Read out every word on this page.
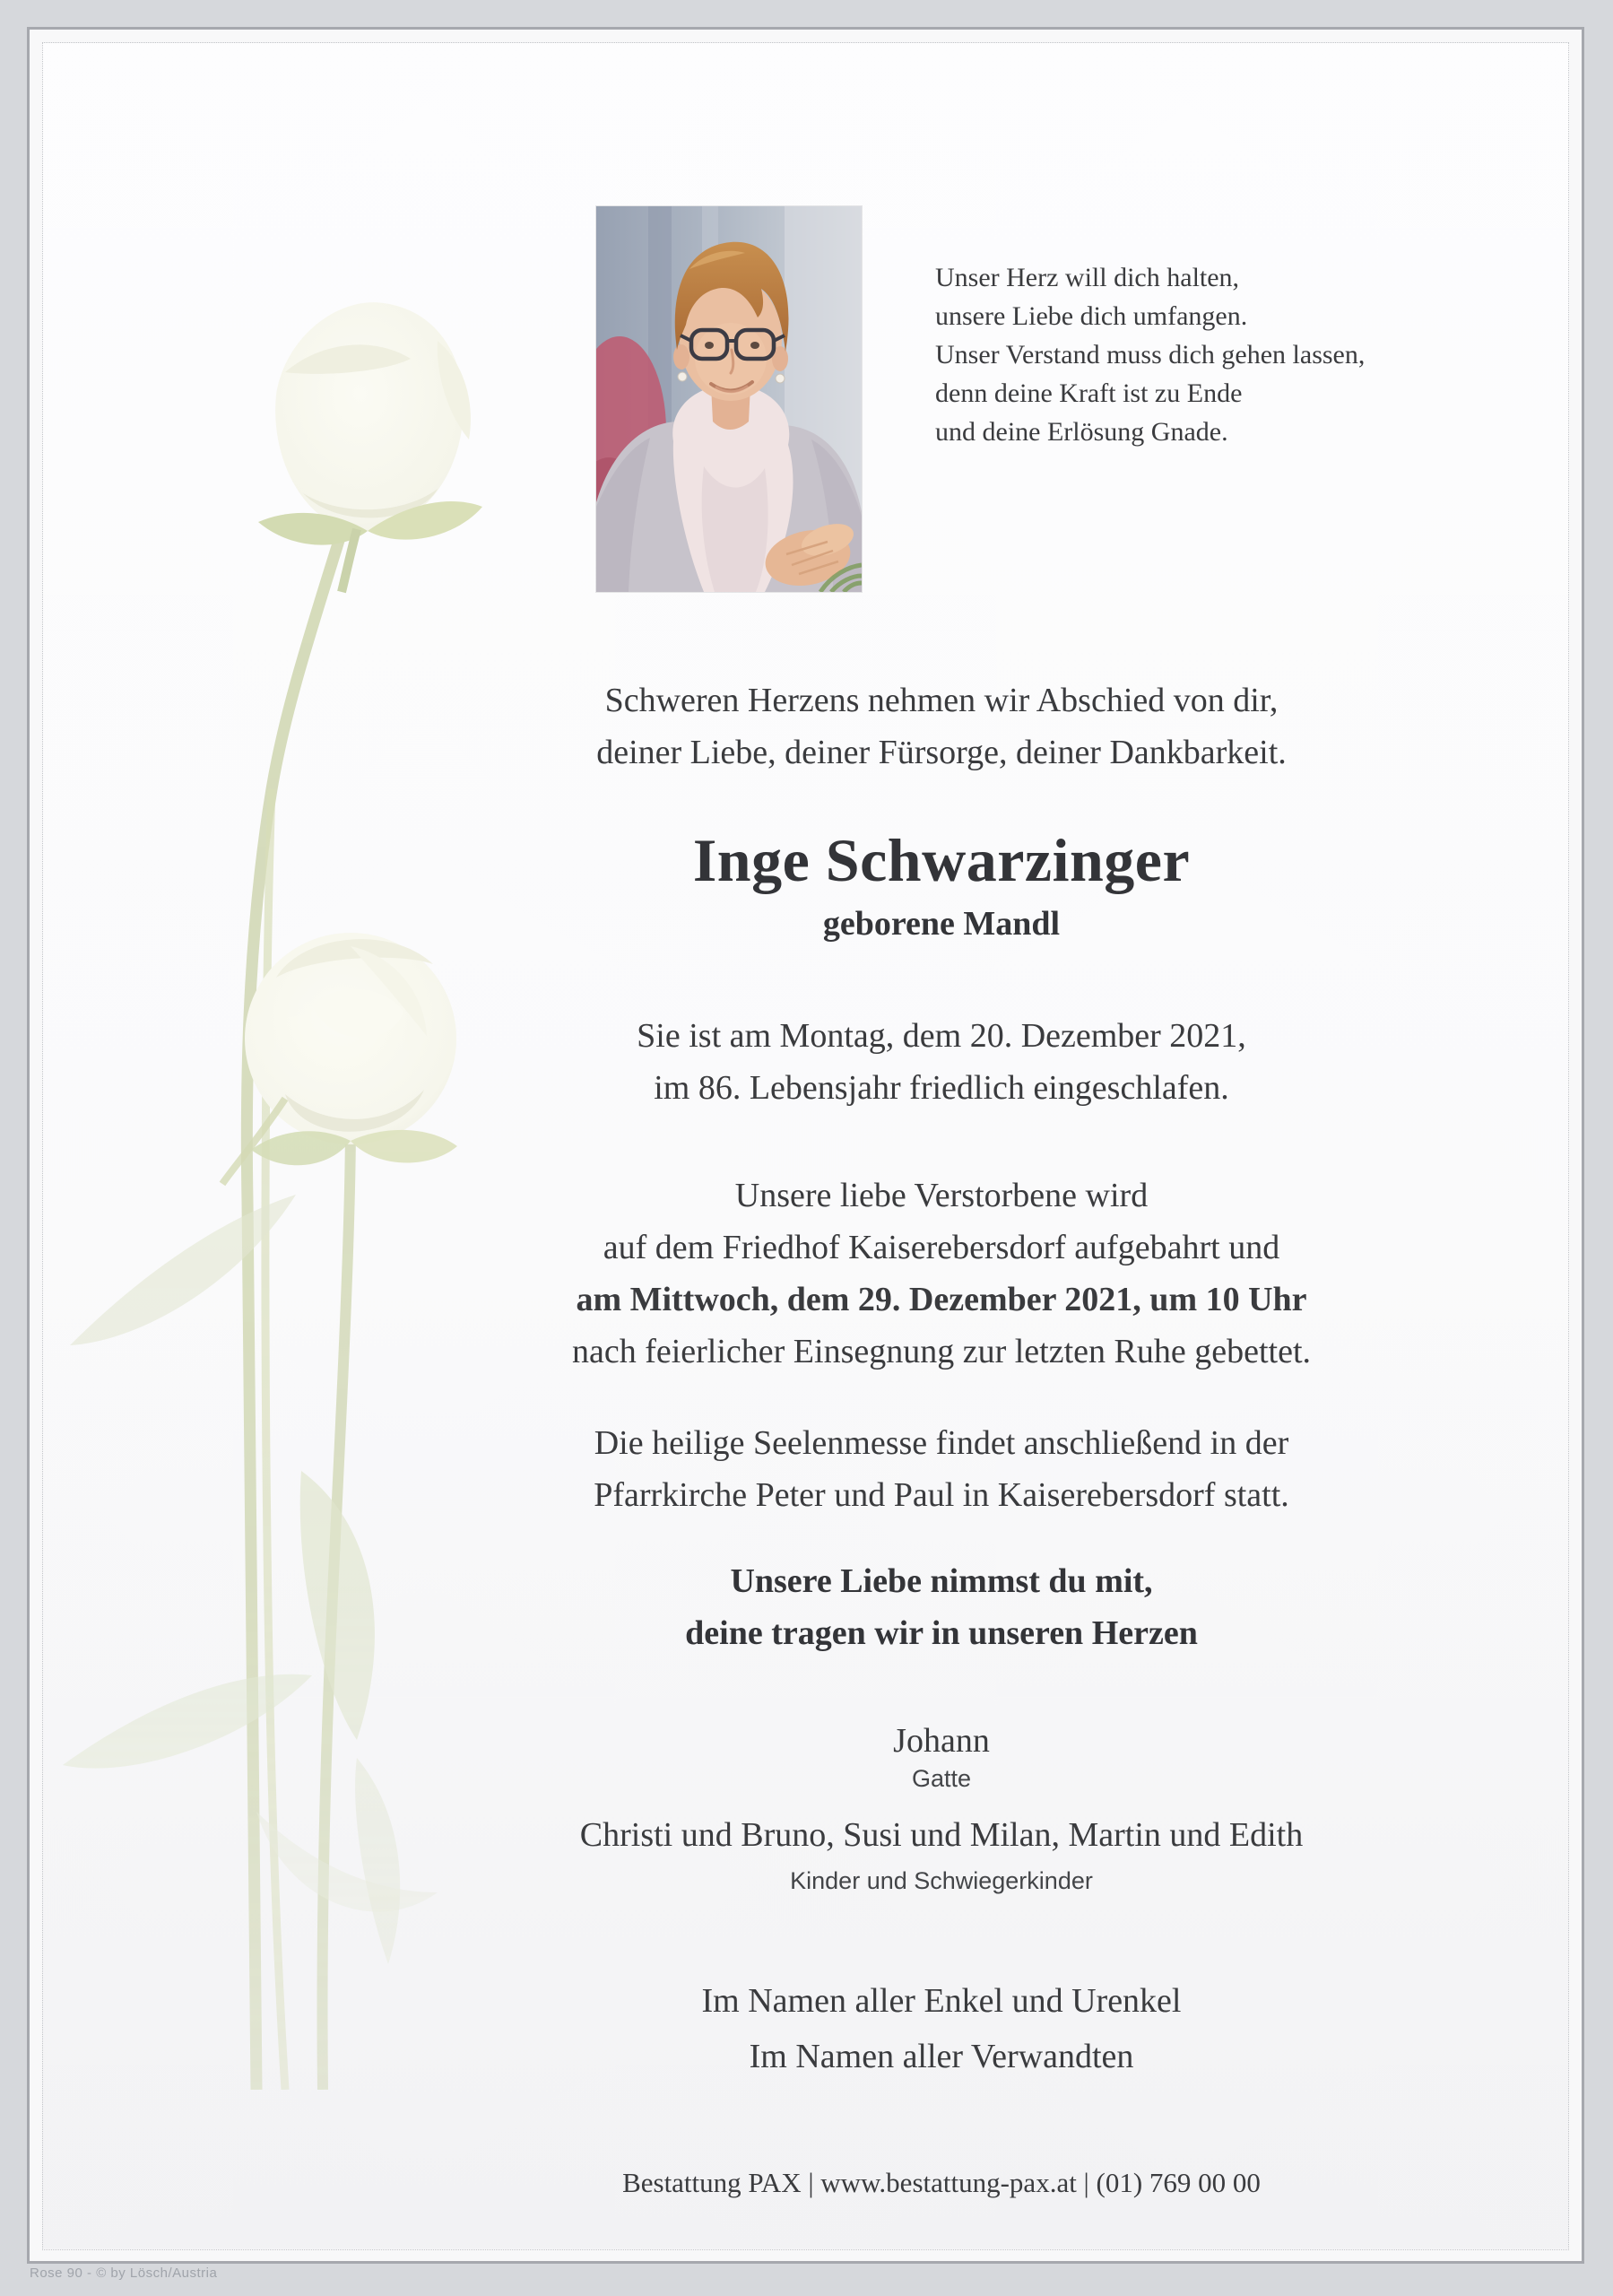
Unser Herz will dich halten,
unsere Liebe dich umfangen.
Unser Verstand muss dich gehen lassen,
denn deine Kraft ist zu Ende
und deine Erlösung Gnade.
Schweren Herzens nehmen wir Abschied von dir,
deiner Liebe, deiner Fürsorge, deiner Dankbarkeit.
Inge Schwarzinger
geborene Mandl
Sie ist am Montag, dem 20. Dezember 2021,
im 86. Lebensjahr friedlich eingeschlafen.
Unsere liebe Verstorbene wird
auf dem Friedhof Kaiserebersdorf aufgebahrt und
am Mittwoch, dem 29. Dezember 2021, um 10 Uhr
nach feierlicher Einsegnung zur letzten Ruhe gebettet.
Die heilige Seelenmesse findet anschließend in der
Pfarrkirche Peter und Paul in Kaiserebersdorf statt.
Unsere Liebe nimmst du mit,
deine tragen wir in unseren Herzen
Johann
Gatte
Christi und Bruno, Susi und Milan, Martin und Edith
Kinder und Schwiegerkinder
Im Namen aller Enkel und Urenkel
Im Namen aller Verwandten
Bestattung PAX | www.bestattung-pax.at | (01) 769 00 00
Rose 90 - © by Lösch/Austria
